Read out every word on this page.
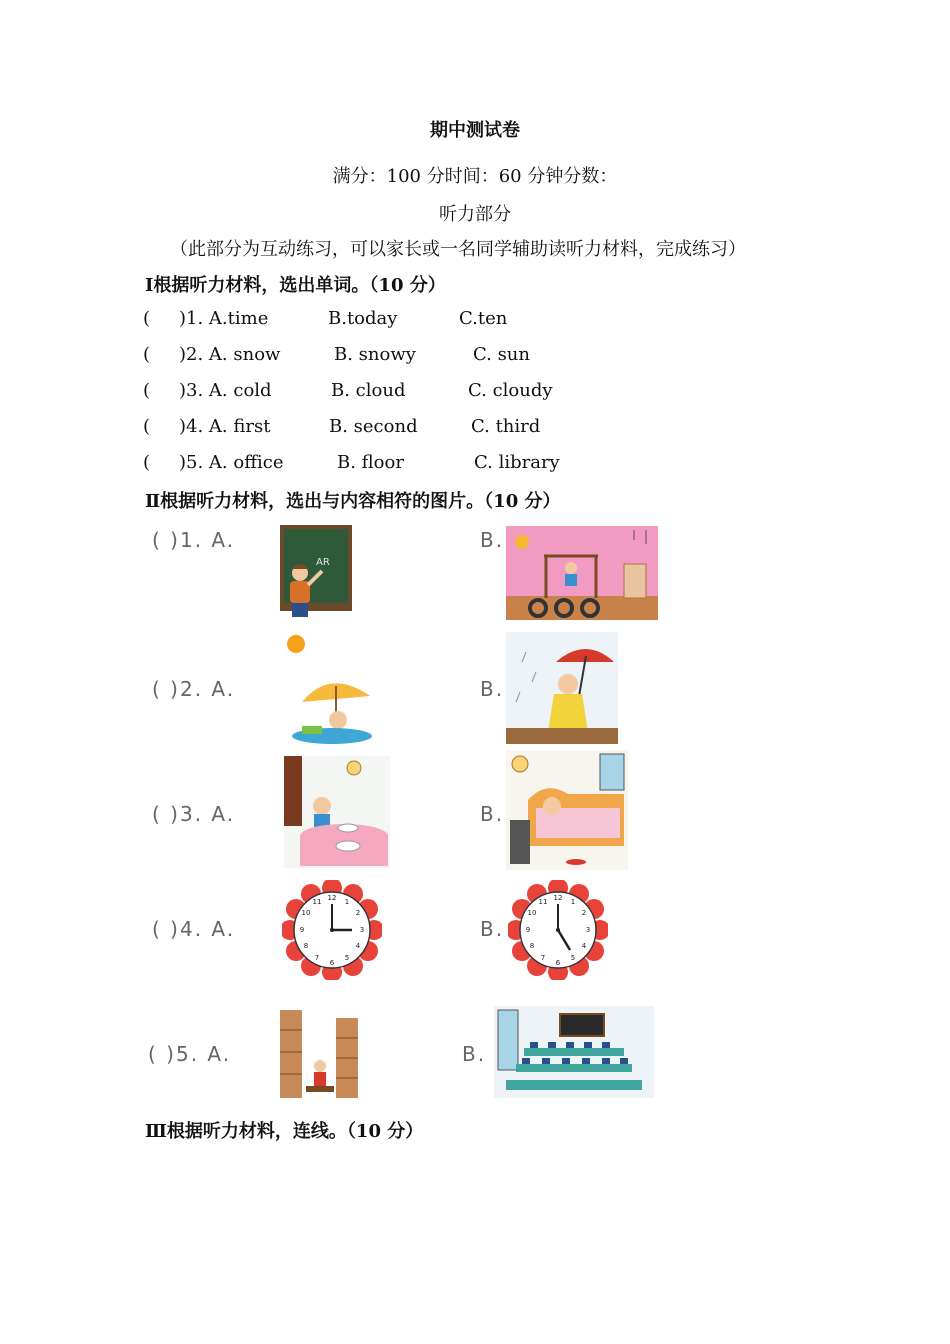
期中测试卷
满分：100 分时间：60 分钟分数：
听力部分
（此部分为互动练习，可以家长或一名同学辅助读听力材料，完成练习）
Ⅰ根据听力材料，选出单词。（10 分）
( )1. A.time	B.today	C.ten
( )2. A. snow	B. snowy	C. sun
( )3. A. cold	B. cloud	C. cloudy
( )4. A. first	B. second	C. third
( )5. A. office	B. floor	C. library
Ⅱ根据听力材料，选出与内容相符的图片。（10 分）
( )1. A.
AR
B.
( )2. A.	B.
( )3. A.	B.
( )4. A.
12 1
2
3
4
5
6
7
8
9
10
11
B.
12 1
2
3
4
5
6
7
8
9
10
11
( )5. A.	B.
Ⅲ根据听力材料，连线。（10 分）
